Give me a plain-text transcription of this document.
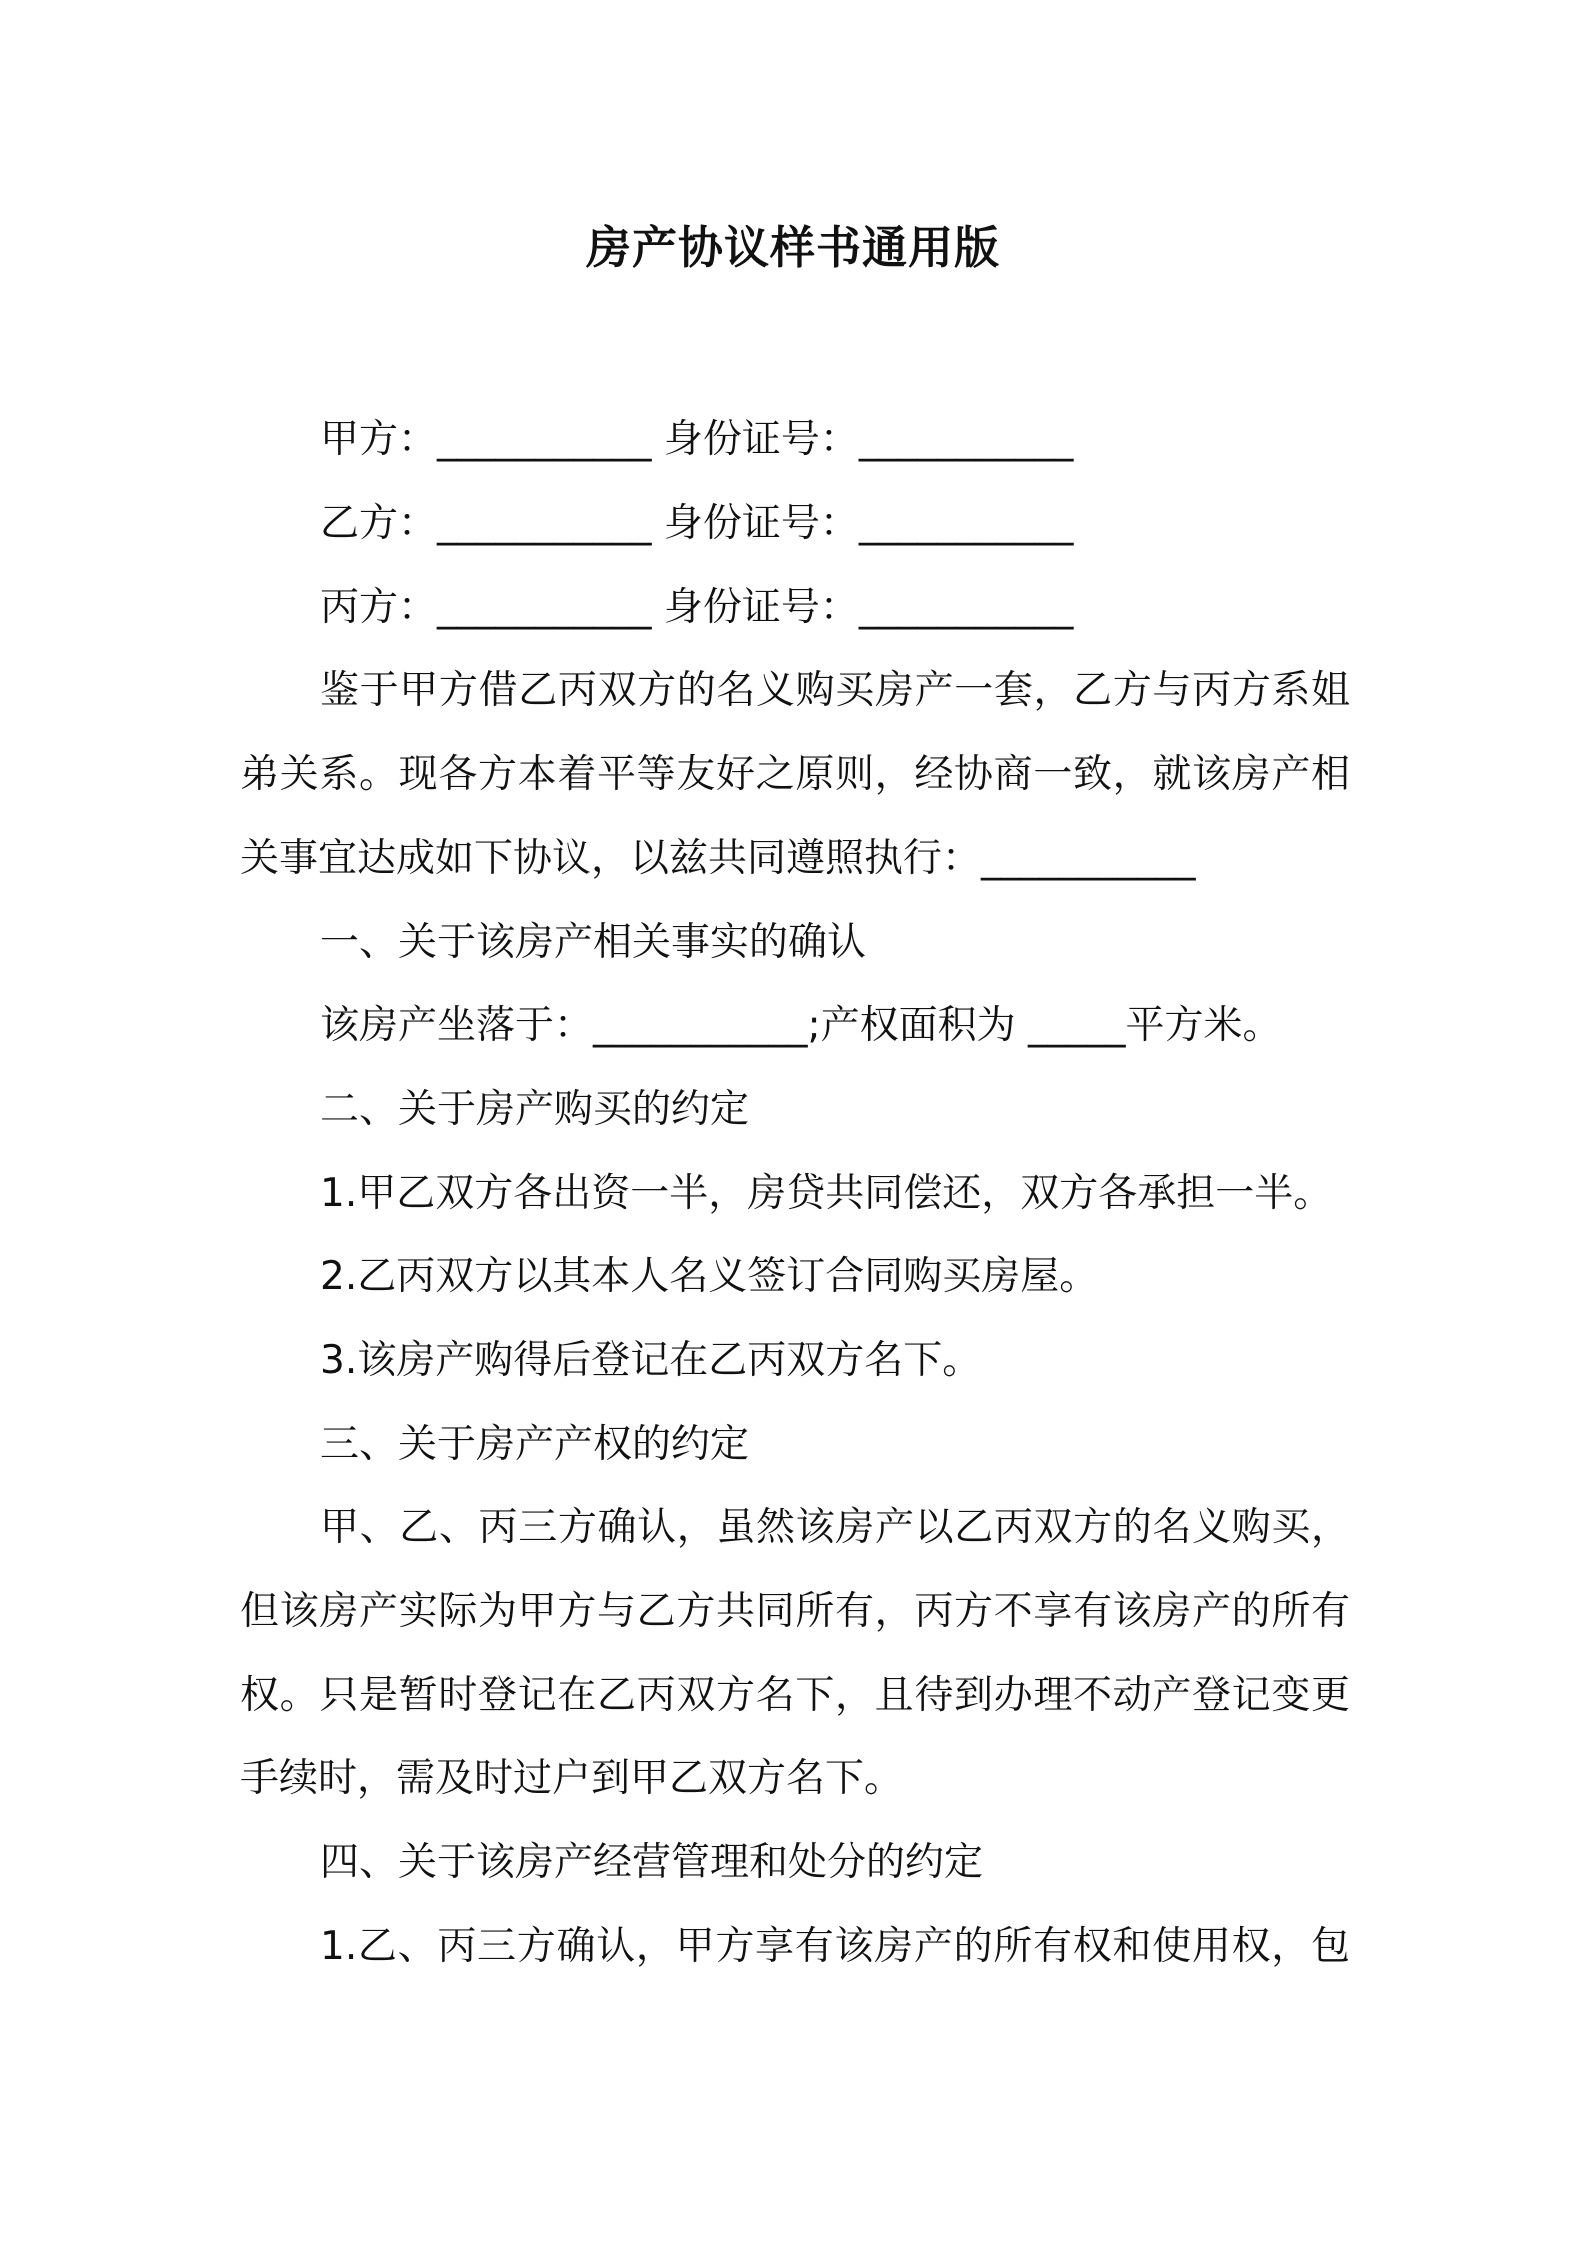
房产协议样书通用版
甲方：___________ 身份证号：___________
乙方：___________ 身份证号：___________
丙方：___________ 身份证号：___________
鉴于甲方借乙丙双方的名义购买房产一套，乙方与丙方系姐
弟关系。现各方本着平等友好之原则，经协商一致，就该房产相
关事宜达成如下协议，以兹共同遵照执行：___________
一、关于该房产相关事实的确认
该房产坐落于：___________;产权面积为 _____平方米。
二、关于房产购买的约定
1.甲乙双方各出资一半，房贷共同偿还，双方各承担一半。
2.乙丙双方以其本人名义签订合同购买房屋。
3.该房产购得后登记在乙丙双方名下。
三、关于房产产权的约定
甲、乙、丙三方确认，虽然该房产以乙丙双方的名义购买，
但该房产实际为甲方与乙方共同所有，丙方不享有该房产的所有
权。只是暂时登记在乙丙双方名下，且待到办理不动产登记变更
手续时，需及时过户到甲乙双方名下。
四、关于该房产经营管理和处分的约定
1.乙、丙三方确认，甲方享有该房产的所有权和使用权，包
